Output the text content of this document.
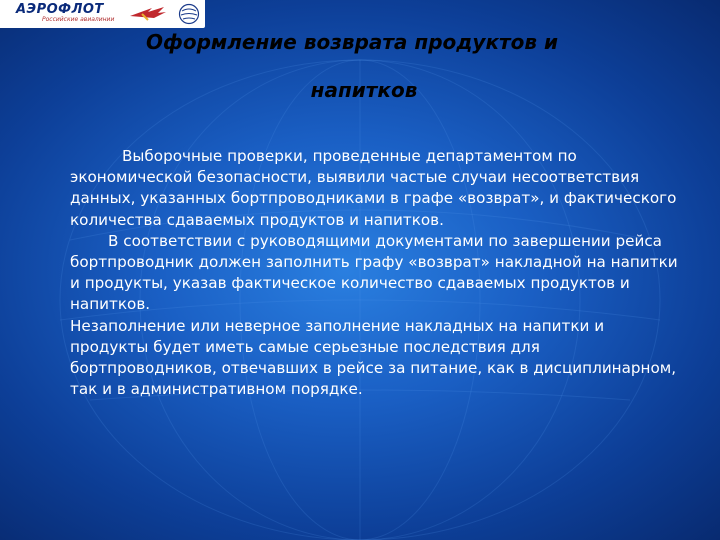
АЭРОФЛОТ
Российские авиалинии
Оформление возврата продуктов и
напитков

Выборочные проверки, проведенные департаментом по экономической безопасности, выявили частые случаи несоответствия данных, указанных бортпроводниками в графе «возврат», и фактического количества сдаваемых продуктов и напитков.

В соответствии с руководящими документами по завершении рейса бортпроводник должен заполнить графу «возврат» накладной на напитки и продукты, указав фактическое количество сдаваемых продуктов и напитков.

Незаполнение или неверное заполнение накладных на напитки и продукты будет иметь самые серьезные последствия для бортпроводников, отвечавших в рейсе за питание, как в дисциплинарном, так и в административном порядке.
